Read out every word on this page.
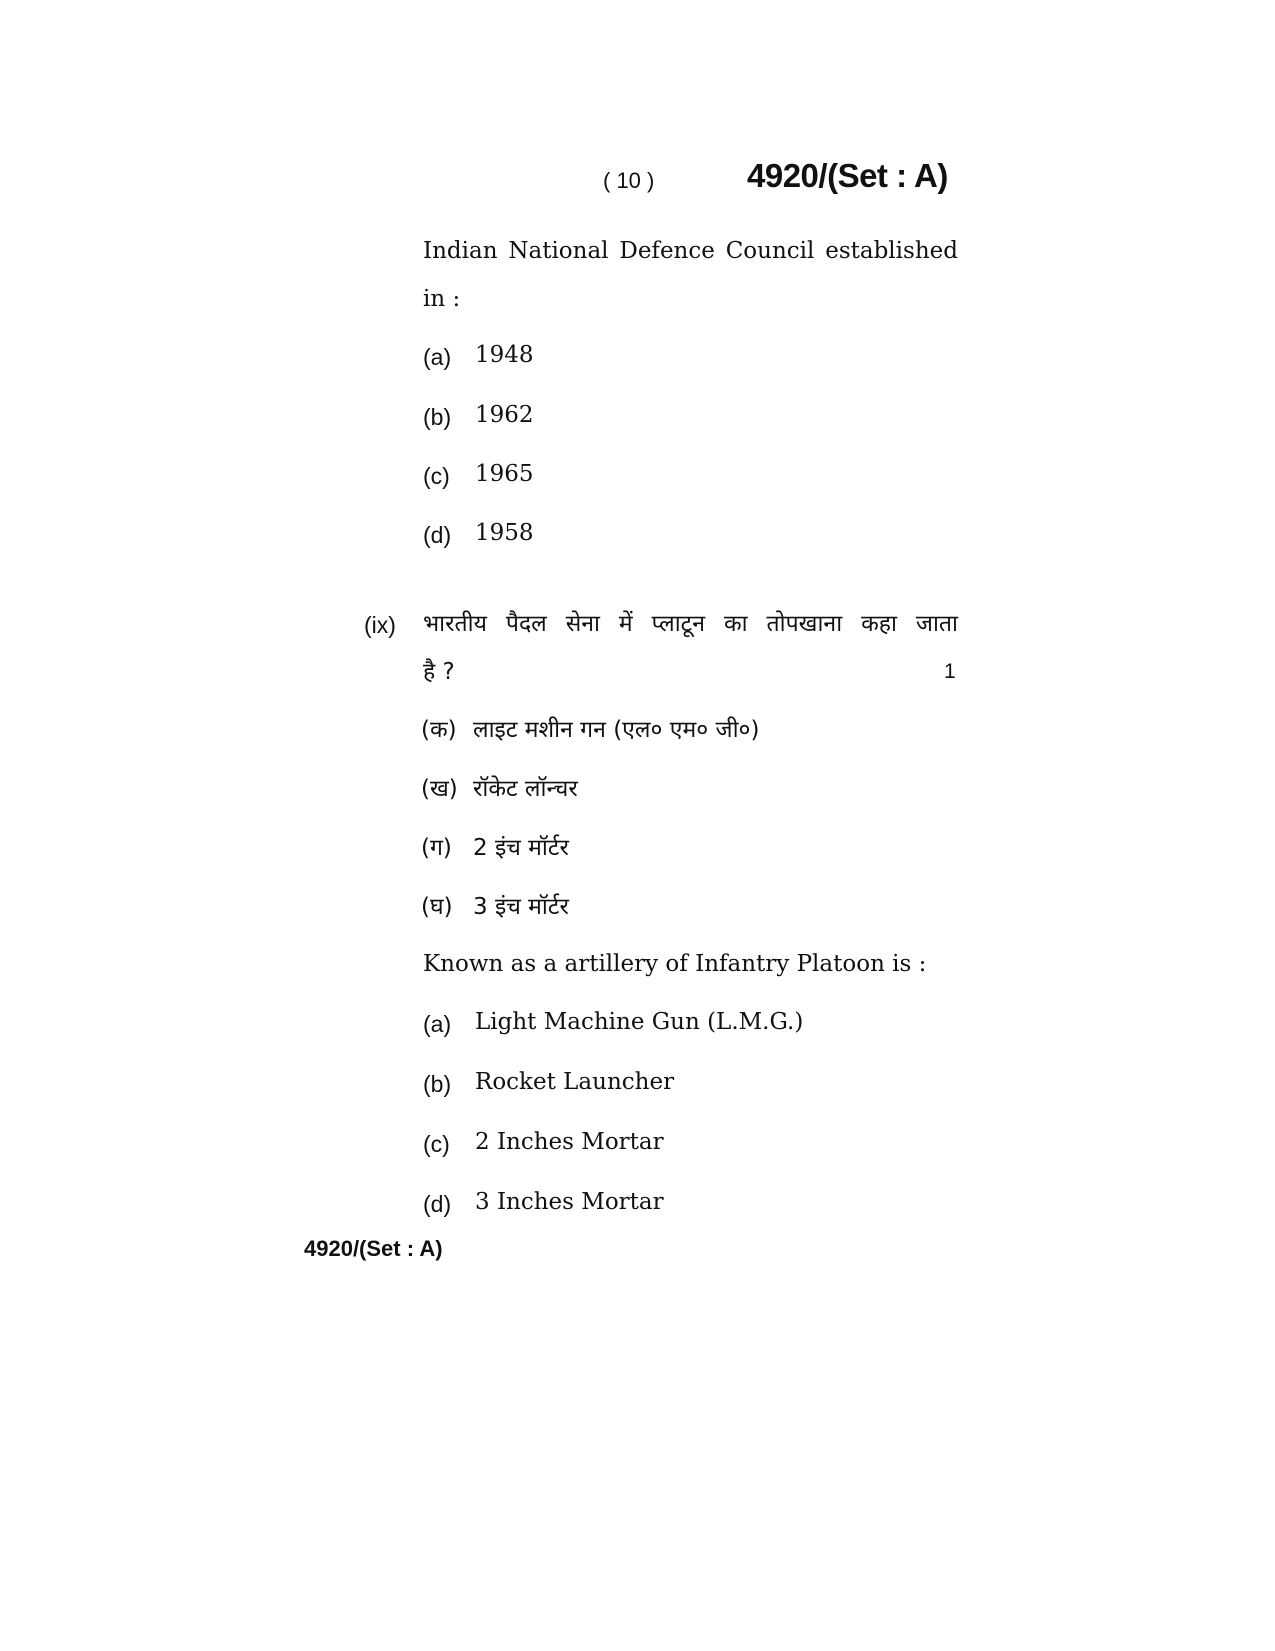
( 10 )	4920/(Set : A)
Indian National Defence Council established
in :
(a) 1948
(b) 1962
(c) 1965
(d) 1958
(ix) भारतीय पैदल सेना में प्लाटून का तोपखाना कहा जाता
है ?	1
(क) लाइट मशीन गन (एल० एम० जी०)
(ख) रॉकेट लॉन्चर
(ग) 2 इंच मॉर्टर
(घ) 3 इंच मॉर्टर
Known as a artillery of Infantry Platoon is :
(a) Light Machine Gun (L.M.G.)
(b) Rocket Launcher
(c) 2 Inches Mortar
(d) 3 Inches Mortar
4920/(Set : A)
